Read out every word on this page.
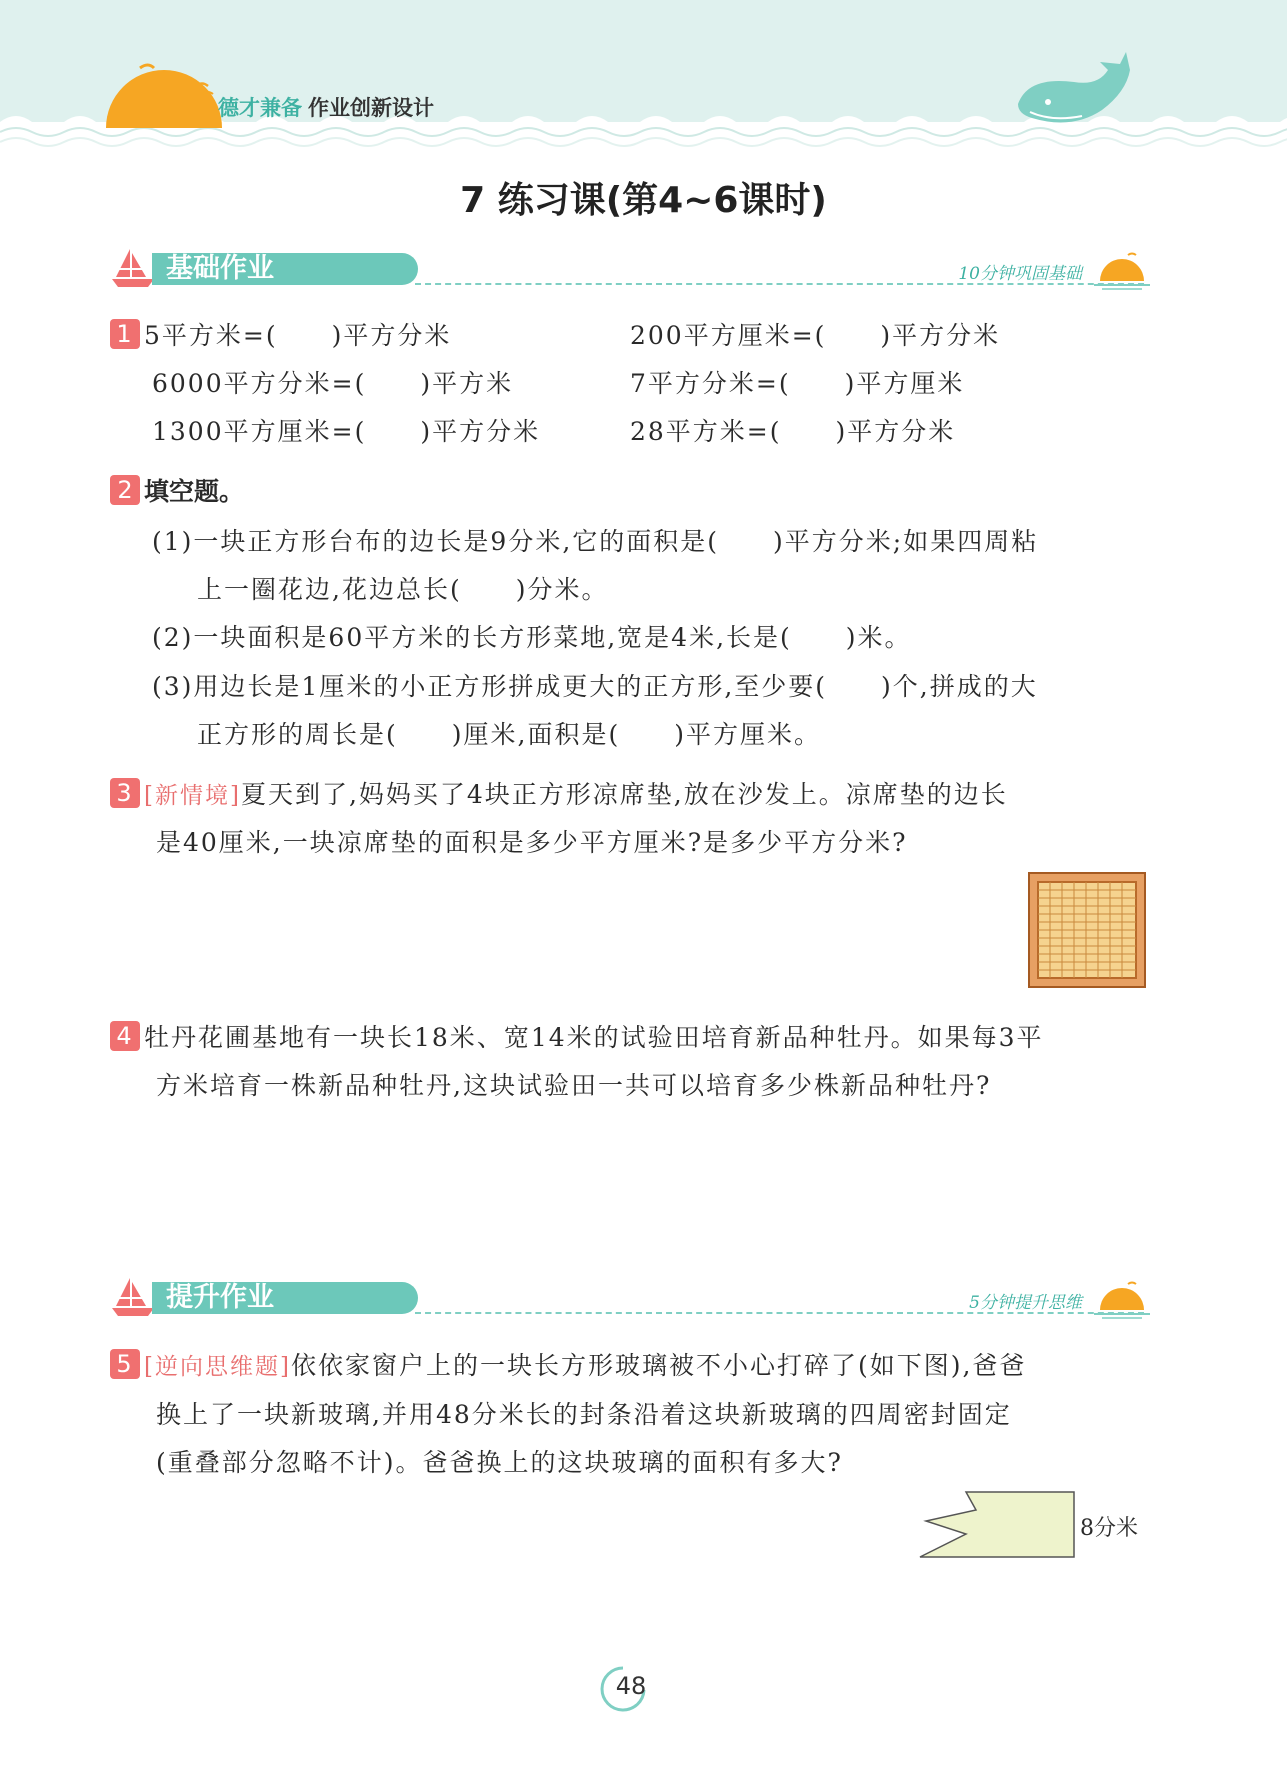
德才兼备 作业创新设计
7 练习课(第4~6课时)
基础作业	10分钟巩固基础
1 5平方米=(　　)平方分米	200平方厘米=(　　)平方分米
6000平方分米=(　　)平方米	7平方分米=(　　)平方厘米
1300平方厘米=(　　)平方分米	28平方米=(　　)平方分米
2 填空题。
(1)一块正方形台布的边长是9分米,它的面积是(　　)平方分米;如果四周粘
上一圈花边,花边总长(　　)分米。
(2)一块面积是60平方米的长方形菜地,宽是4米,长是(　　)米。
(3)用边长是1厘米的小正方形拼成更大的正方形,至少要(　　)个,拼成的大
正方形的周长是(　　)厘米,面积是(　　)平方厘米。
3 [新情境]夏天到了,妈妈买了4块正方形凉席垫,放在沙发上。凉席垫的边长
是40厘米,一块凉席垫的面积是多少平方厘米?是多少平方分米?
4 牡丹花圃基地有一块长18米、宽14米的试验田培育新品种牡丹。如果每3平
方米培育一株新品种牡丹,这块试验田一共可以培育多少株新品种牡丹?
提升作业	5分钟提升思维
5 [逆向思维题]依依家窗户上的一块长方形玻璃被不小心打碎了(如下图),爸爸
换上了一块新玻璃,并用48分米长的封条沿着这块新玻璃的四周密封固定
(重叠部分忽略不计)。爸爸换上的这块玻璃的面积有多大?
8分米
48
